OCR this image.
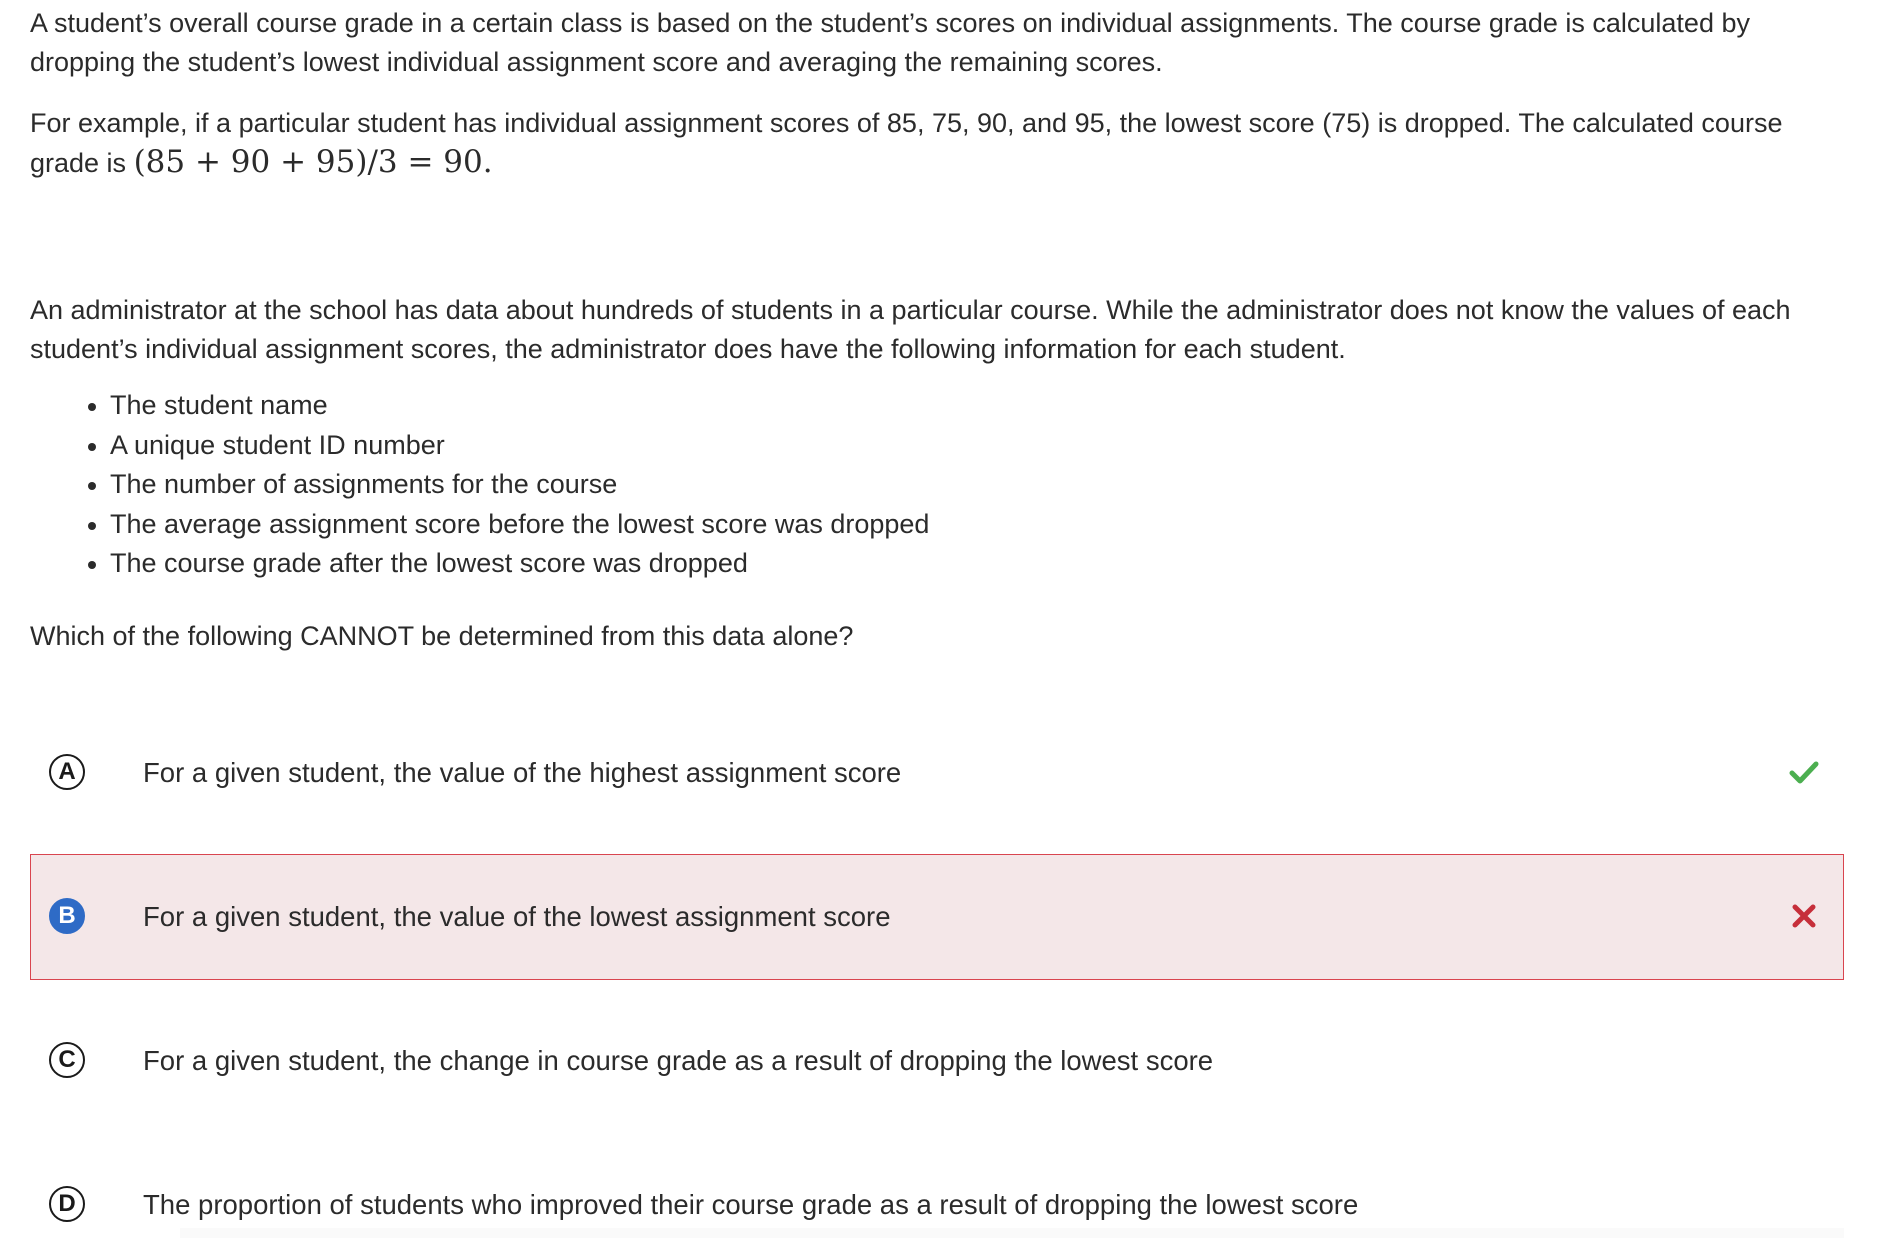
A student’s overall course grade in a certain class is based on the student’s scores on individual assignments. The course grade is calculated by dropping the student’s lowest individual assignment score and averaging the remaining scores.

For example, if a particular student has individual assignment scores of 85, 75, 90, and 95, the lowest score (75) is dropped. The calculated course grade is (85 + 90 + 95)/3 = 90.

An administrator at the school has data about hundreds of students in a particular course. While the administrator does not know the values of each student’s individual assignment scores, the administrator does have the following information for each student.

The student name
A unique student ID number
The number of assignments for the course
The average assignment score before the lowest score was dropped
The course grade after the lowest score was dropped

Which of the following CANNOT be determined from this data alone?

A	For a given student, the value of the highest assignment score
B	For a given student, the value of the lowest assignment score
C	For a given student, the change in course grade as a result of dropping the lowest score
D	The proportion of students who improved their course grade as a result of dropping the lowest score
